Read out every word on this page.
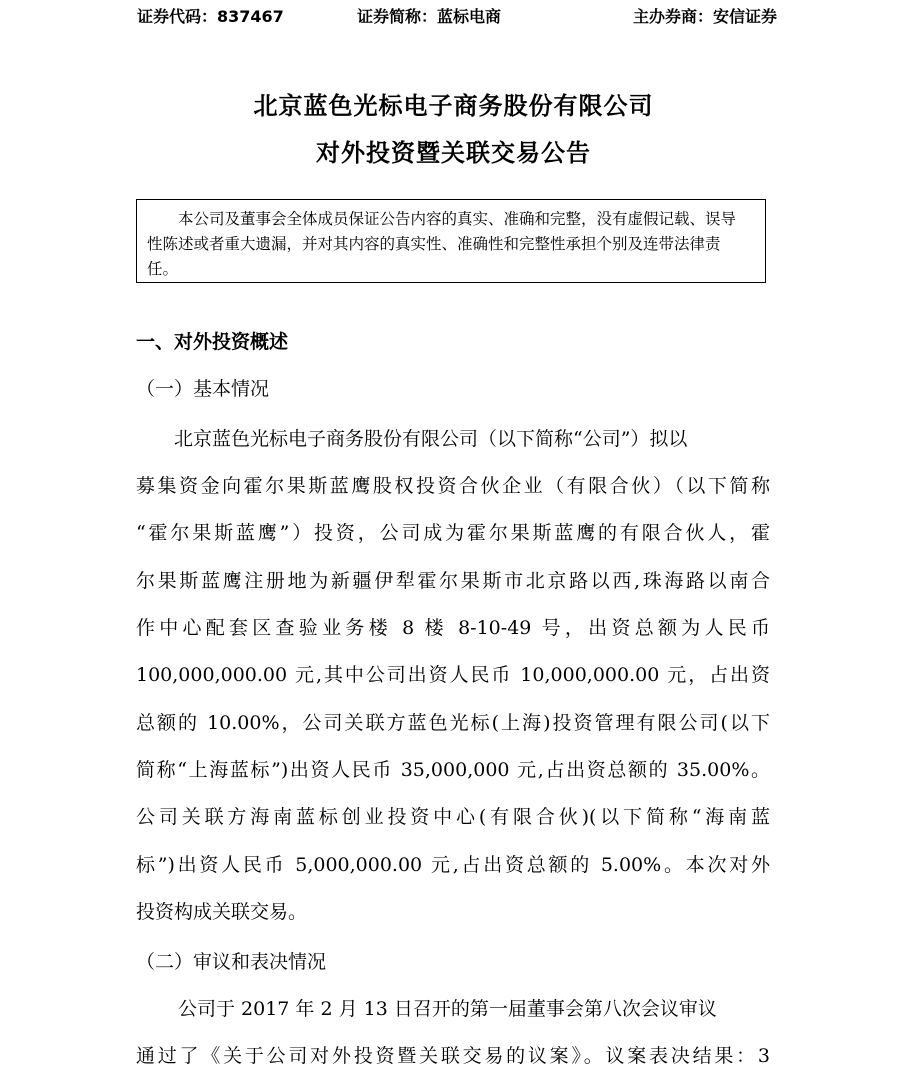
证券代码：837467	证券简称：蓝标电商	主办券商：安信证券
北京蓝色光标电子商务股份有限公司
对外投资暨关联交易公告
本公司及董事会全体成员保证公告内容的真实、准确和完整，没有虚假记载、误导性陈述或者重大遗漏，并对其内容的真实性、准确性和完整性承担个别及连带法律责任。
一、对外投资概述
（一）基本情况
北京蓝色光标电子商务股份有限公司（以下简称“公司”）拟以
募集资金向霍尔果斯蓝鹰股权投资合伙企业（有限合伙）（以下简称
“霍尔果斯蓝鹰”）投资，公司成为霍尔果斯蓝鹰的有限合伙人，霍
尔果斯蓝鹰注册地为新疆伊犁霍尔果斯市北京路以西,珠海路以南合
作中心配套区查验业务楼 8 楼 8-10-49 号，出资总额为人民币
100,000,000.00 元,其中公司出资人民币 10,000,000.00 元，占出资
总额的 10.00%，公司关联方蓝色光标(上海)投资管理有限公司(以下
简称“上海蓝标”)出资人民币 35,000,000 元,占出资总额的 35.00%。
公司关联方海南蓝标创业投资中心(有限合伙)(以下简称“海南蓝
标”)出资人民币 5,000,000.00 元,占出资总额的 5.00%。本次对外
投资构成关联交易。
（二）审议和表决情况
公司于 2017 年 2 月 13 日召开的第一届董事会第八次会议审议
通过了《关于公司对外投资暨关联交易的议案》。议案表决结果：3
